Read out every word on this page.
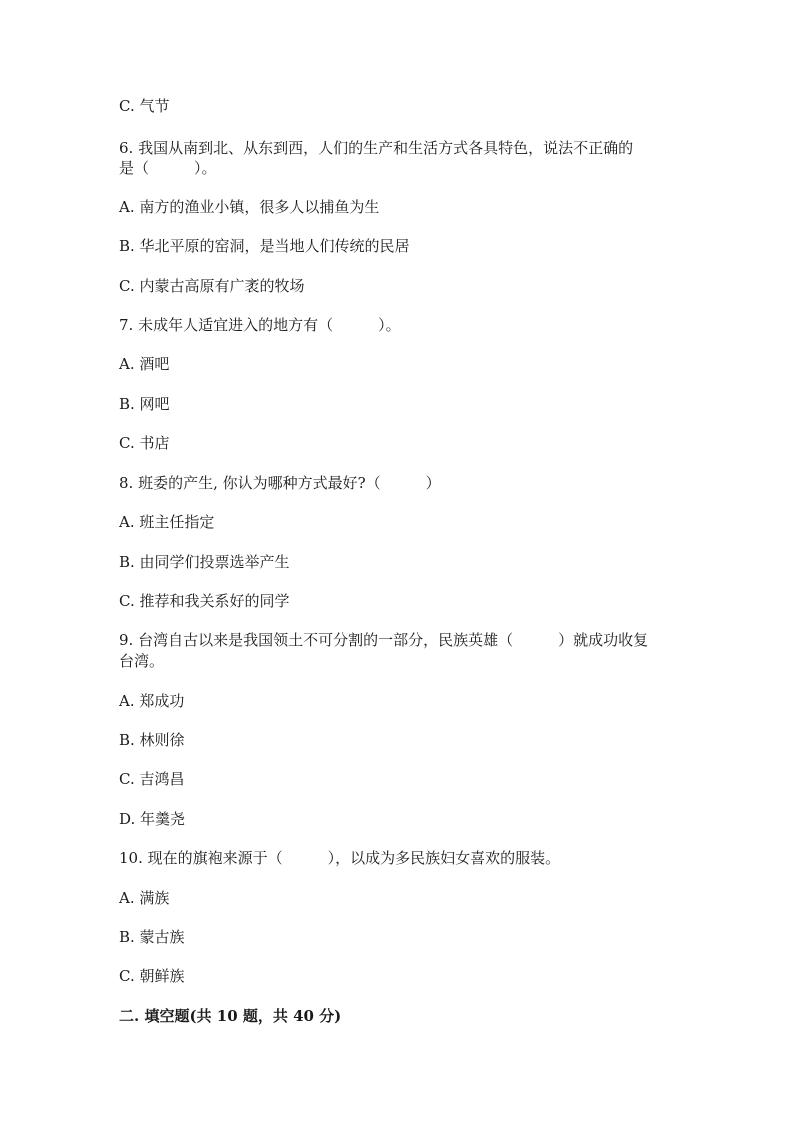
C. 气节

6. 我国从南到北、从东到西，人们的生产和生活方式各具特色，说法不正确的

是（　　　）。

A. 南方的渔业小镇，很多人以捕鱼为生

B. 华北平原的窑洞，是当地人们传统的民居

C. 内蒙古高原有广袤的牧场

7. 未成年人适宜进入的地方有（　　　）。

A. 酒吧

B. 网吧

C. 书店

8. 班委的产生, 你认为哪种方式最好?（　　　）

A. 班主任指定

B. 由同学们投票选举产生

C. 推荐和我关系好的同学

9. 台湾自古以来是我国领土不可分割的一部分，民族英雄（　　　）就成功收复

台湾。

A. 郑成功

B. 林则徐

C. 吉鸿昌

D. 年羹尧

10. 现在的旗袍来源于（　　　），以成为多民族妇女喜欢的服装。

A. 满族

B. 蒙古族

C. 朝鲜族

二. 填空题(共 10 题，共 40 分)
